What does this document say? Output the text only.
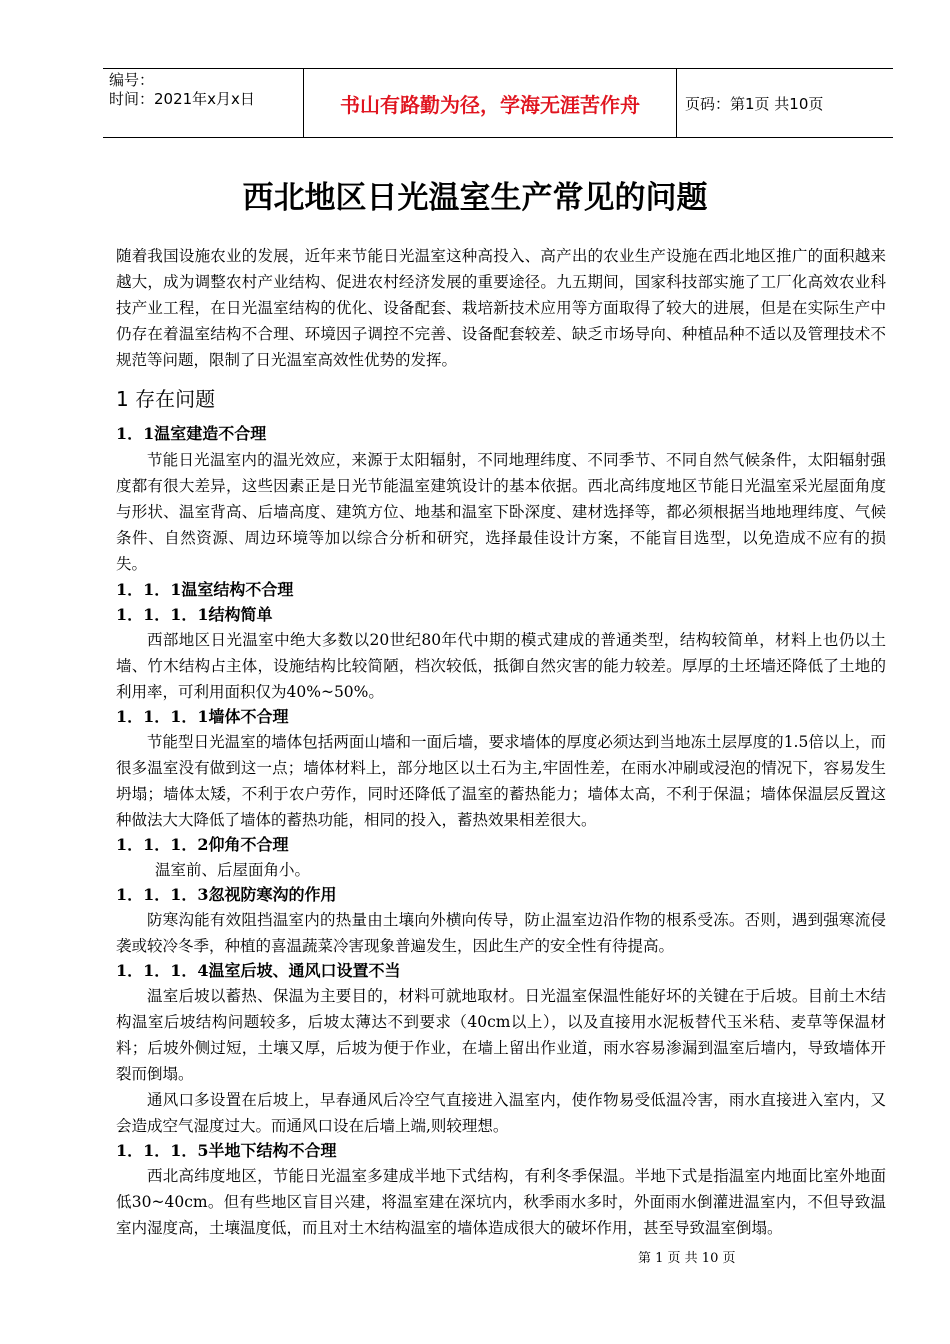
编号：
时间：2021年x月x日	书山有路勤为径，学海无涯苦作舟	页码：第1页 共10页
西北地区日光温室生产常见的问题

随着我国设施农业的发展，近年来节能日光温室这种高投入、高产出的农业生产设施在西北地区推广的面积越来越大，成为调整农村产业结构、促进农村经济发展的重要途径。九五期间，国家科技部实施了工厂化高效农业科技产业工程，在日光温室结构的优化、设备配套、栽培新技术应用等方面取得了较大的进展，但是在实际生产中仍存在着温室结构不合理、环境因子调控不完善、设备配套较差、缺乏市场导向、种植品种不适以及管理技术不规范等问题，限制了日光温室高效性优势的发挥。

1 存在问题

1．1温室建造不合理

节能日光温室内的温光效应，来源于太阳辐射，不同地理纬度、不同季节、不同自然气候条件，太阳辐射强度都有很大差异，这些因素正是日光节能温室建筑设计的基本依据。西北高纬度地区节能日光温室采光屋面角度与形状、温室背高、后墙高度、建筑方位、地基和温室下卧深度、建材选择等，都必须根据当地地理纬度、气候条件、自然资源、周边环境等加以综合分析和研究，选择最佳设计方案，不能盲目选型，以免造成不应有的损失。

1．1．1温室结构不合理

1．1．1．1结构简单

西部地区日光温室中绝大多数以20世纪80年代中期的模式建成的普通类型，结构较简单，材料上也仍以土墙、竹木结构占主体，设施结构比较简陋，档次较低，抵御自然灾害的能力较差。厚厚的土坯墙还降低了土地的利用率，可利用面积仅为40%~50%。

1．1．1．1墙体不合理

节能型日光温室的墙体包括两面山墙和一面后墙，要求墙体的厚度必须达到当地冻土层厚度的1.5倍以上，而很多温室没有做到这一点；墙体材料上，部分地区以土石为主,牢固性差，在雨水冲刷或浸泡的情况下，容易发生坍塌；墙体太矮，不利于农户劳作，同时还降低了温室的蓄热能力；墙体太高，不利于保温；墙体保温层反置这种做法大大降低了墙体的蓄热功能，相同的投入，蓄热效果相差很大。

1．1．1．2仰角不合理

温室前、后屋面角小。

1．1．1．3忽视防寒沟的作用

防寒沟能有效阻挡温室内的热量由土壤向外横向传导，防止温室边沿作物的根系受冻。否则，遇到强寒流侵袭或较冷冬季，种植的喜温蔬菜冷害现象普遍发生，因此生产的安全性有待提高。

1．1．1．4温室后坡、通风口设置不当

温室后坡以蓄热、保温为主要目的，材料可就地取材。日光温室保温性能好坏的关键在于后坡。目前土木结构温室后坡结构问题较多，后坡太薄达不到要求（40cm以上），以及直接用水泥板替代玉米秸、麦草等保温材料；后坡外侧过短，土壤又厚，后坡为便于作业，在墙上留出作业道，雨水容易渗漏到温室后墙内，导致墙体开裂而倒塌。

通风口多设置在后坡上，早春通风后冷空气直接进入温室内，使作物易受低温冷害，雨水直接进入室内，又会造成空气湿度过大。而通风口设在后墙上端,则较理想。

1．1．1．5半地下结构不合理

西北高纬度地区，节能日光温室多建成半地下式结构，有利冬季保温。半地下式是指温室内地面比室外地面低30~40cm。但有些地区盲目兴建，将温室建在深坑内，秋季雨水多时，外面雨水倒灌进温室内，不但导致温室内湿度高，土壤温度低，而且对土木结构温室的墙体造成很大的破坏作用，甚至导致温室倒塌。

第 1 页 共 10 页
